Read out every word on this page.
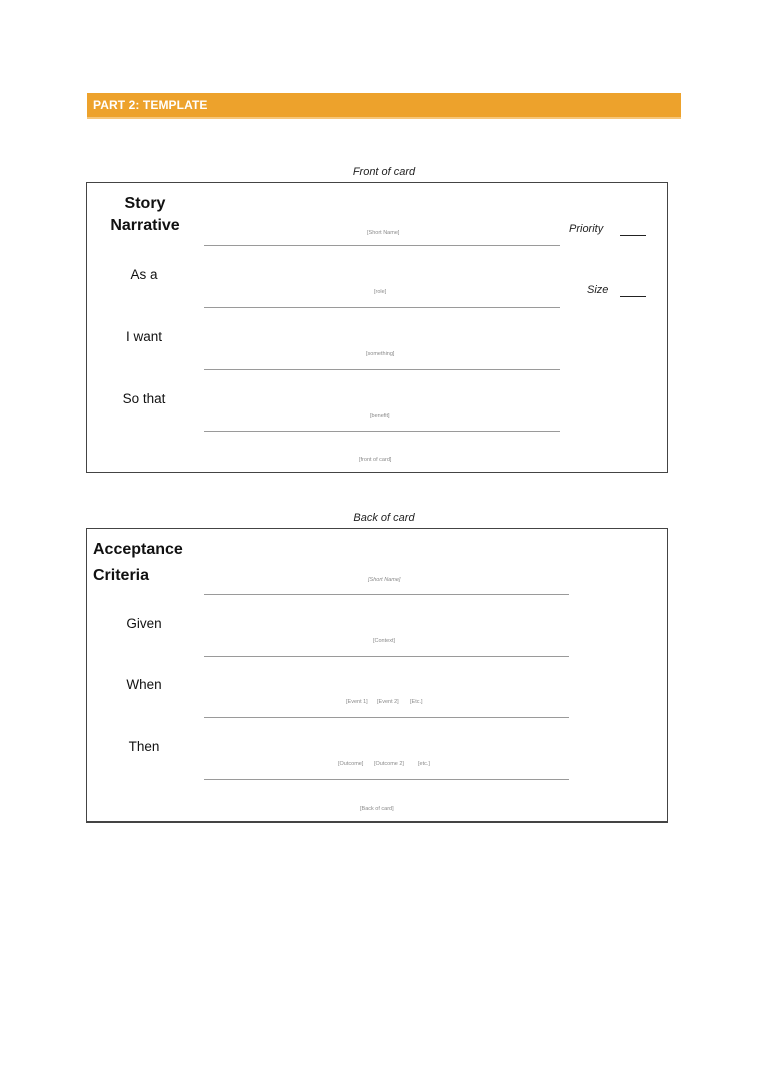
PART 2: TEMPLATE
Front of card
Story
Narrative	[Short Name]
As a
[role]
I want
[something]
So that
[benefit]
Priority
Size
[front of card]
Back of card
Acceptance
Criteria	[Short Name]
Given
[Context]
When
[Event 1] [Event 2] [Etc.]
Then
[Outcome] [Outcome 2]	[etc.]
[Back of card]
